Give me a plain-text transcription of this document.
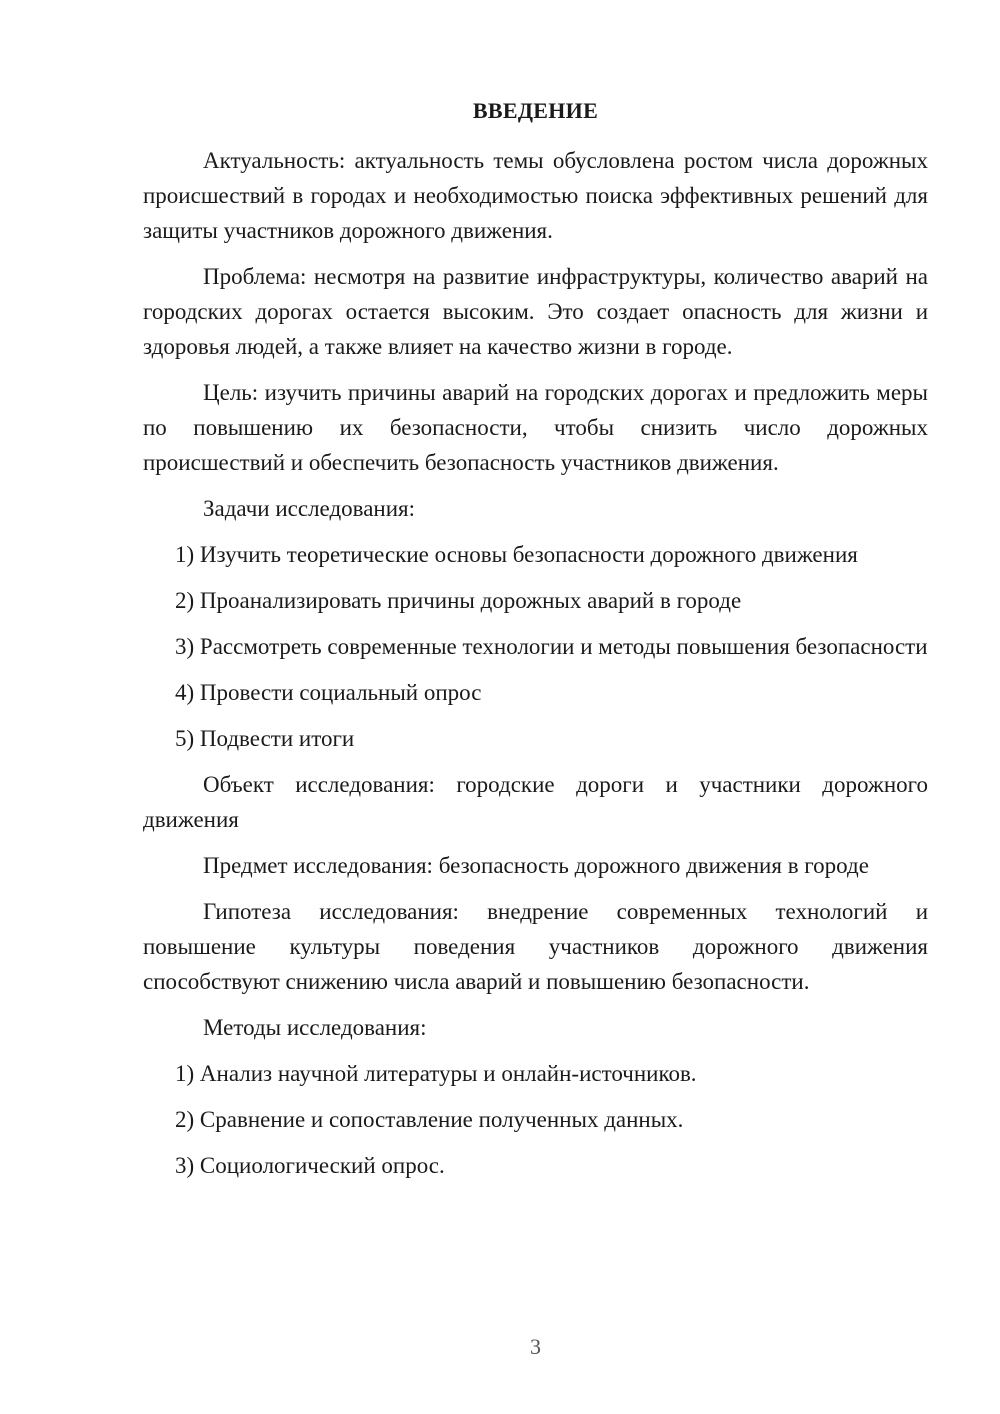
ВВЕДЕНИЕ

Актуальность: актуальность темы обусловлена ростом числа дорожных происшествий в городах и необходимостью поиска эффективных решений для защиты участников дорожного движения.

Проблема: несмотря на развитие инфраструктуры, количество аварий на городских дорогах остается высоким. Это создает опасность для жизни и здоровья людей, а также влияет на качество жизни в городе.

Цель: изучить причины аварий на городских дорогах и предложить меры по повышению их безопасности, чтобы снизить число дорожных происшествий и обеспечить безопасность участников движения.

Задачи исследования:

1) Изучить теоретические основы безопасности дорожного движения

2) Проанализировать причины дорожных аварий в городе

3) Рассмотреть современные технологии и методы повышения безопасности

4) Провести социальный опрос

5) Подвести итоги

Объект исследования: городские дороги и участники дорожного движения

Предмет исследования: безопасность дорожного движения в городе

Гипотеза исследования: внедрение современных технологий и повышение культуры поведения участников дорожного движения способствуют снижению числа аварий и повышению безопасности.

Методы исследования:

1) Анализ научной литературы и онлайн-источников.

2) Сравнение и сопоставление полученных данных.

3) Социологический опрос.

3
